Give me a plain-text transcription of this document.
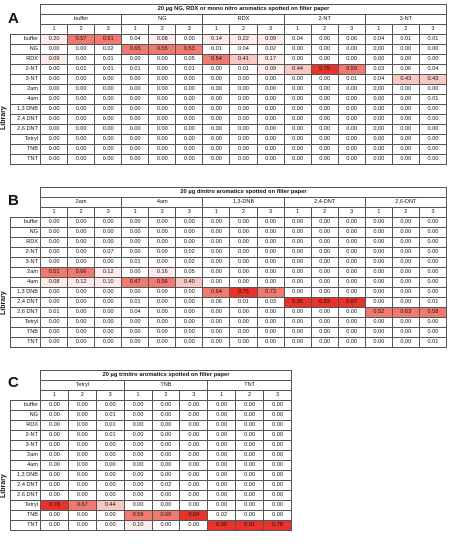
A
Library
	20 µg NG, RDX or mono nitro aromatics spotted on filter paper														
	buffer			NG			RDX			2-NT			3-NT		
	1	2	3	1	2	3	1	2	3	1	2	3	1	2	3
buffer	0.20	0.57	0.51	0.04	0.08	0.00	0.14	0.22	0.09	0.04	0.00	0.06	0.04	0.01	0.01
NG	0.00	0.00	0.02	0.65	0.55	0.53	0.01	0.04	0.02	0.00	0.00	0.00	0.00	0.00	0.00
RDX	0.09	0.00	0.01	0.00	0.00	0.05	0.54	0.41	0.17	0.00	0.00	0.00	0.00	0.00	0.00
2-NT	0.00	0.01	0.01	0.01	0.00	0.01	0.00	0.01	0.09	0.44	0.75	0.59	0.03	0.06	0.04
3-NT	0.00	0.00	0.00	0.00	0.00	0.00	0.00	0.00	0.00	0.00	0.00	0.01	0.04	0.43	0.43
2am	0.00	0.00	0.00	0.00	0.00	0.00	0.00	0.00	0.00	0.00	0.00	0.00	0.00	0.00	0.00
4am	0.00	0.00	0.00	0.00	0.00	0.00	0.00	0.00	0.00	0.00	0.00	0.00	0.00	0.00	0.01
1,3 DNB	0.00	0.00	0.00	0.00	0.00	0.00	0.00	0.00	0.00	0.00	0.00	0.00	0.00	0.00	0.00
2,4 DNT	0.00	0.00	0.00	0.00	0.00	0.00	0.00	0.00	0.00	0.00	0.00	0.00	0.00	0.00	0.00
2,6 DNT	0.00	0.00	0.00	0.00	0.00	0.00	0.00	0.00	0.00	0.00	0.00	0.00	0.00	0.00	0.00
Tetryl	0.00	0.00	0.00	0.00	0.00	0.00	0.00	0.00	0.00	0.00	0.00	0.00	0.00	0.00	0.00
TNB	0.00	0.00	0.00	0.00	0.00	0.00	0.00	0.00	0.00	0.00	0.00	0.00	0.00	0.00	0.00
TNT	0.00	0.00	0.00	0.00	0.00	0.00	0.00	0.00	0.00	0.00	0.00	0.00	0.00	0.00	0.00
B
Library
	20 µg dinitro aromatics spotted on filter paper														
	2am			4am			1,3-DNB			2,4-DNT			2,6-DNT		
	1	2	3	1	2	3	1	2	3	1	2	3	1	2	3
buffer	0.00	0.00	0.00	0.00	0.00	0.00	0.00	0.00	0.00	0.00	0.00	0.00	0.00	0.00	0.00
NG	0.00	0.00	0.00	0.00	0.00	0.00	0.00	0.00	0.00	0.00	0.00	0.00	0.00	0.00	0.00
RDX	0.00	0.00	0.00	0.00	0.00	0.00	0.00	0.00	0.00	0.00	0.00	0.00	0.00	0.00	0.00
2-NT	0.00	0.00	0.07	0.00	0.00	0.02	0.00	0.00	0.00	0.00	0.00	0.00	0.00	0.00	0.00
3-NT	0.00	0.00	0.00	0.01	0.00	0.02	0.00	0.00	0.00	0.00	0.00	0.00	0.00	0.00	0.00
2am	0.51	0.66	0.12	0.00	0.16	0.05	0.00	0.00	0.00	0.00	0.00	0.00	0.00	0.00	0.00
4am	0.08	0.12	0.10	0.47	0.56	0.40	0.00	0.00	0.00	0.00	0.00	0.00	0.00	0.00	0.00
1,3 DNB	0.00	0.00	0.00	0.00	0.00	0.00	0.64	0.75	0.73	0.00	0.00	0.00	0.00	0.00	0.00
2,4 DNT	0.00	0.00	0.00	0.01	0.00	0.00	0.06	0.01	0.03	0.95	0.83	0.87	0.00	0.00	0.01
2,6 DNT	0.01	0.00	0.00	0.04	0.00	0.00	0.00	0.00	0.00	0.00	0.00	0.00	0.52	0.63	0.58
Tetryl	0.00	0.00	0.00	0.00	0.00	0.00	0.00	0.00	0.00	0.00	0.00	0.00	0.00	0.00	0.00
TNB	0.00	0.00	0.00	0.00	0.00	0.00	0.00	0.00	0.00	0.00	0.00	0.00	0.00	0.00	0.00
TNT	0.00	0.00	0.00	0.00	0.00	0.00	0.00	0.00	0.00	0.00	0.00	0.00	0.00	0.00	0.01
C
Library
	20 µg trinitro aromatics spotted on filter paper								
	Tetryl			TNB			TNT		
	1	2	3	1	2	3	1	2	3
buffer	0.00	0.00	0.00	0.00	0.00	0.00	0.00	0.00	0.00
NG	0.00	0.00	0.01	0.00	0.00	0.00	0.00	0.00	0.00
RDX	0.00	0.00	0.01	0.00	0.00	0.00	0.00	0.00	0.00
2-NT	0.00	0.00	0.01	0.00	0.00	0.00	0.00	0.00	0.00
3-NT	0.00	0.00	0.00	0.00	0.00	0.00	0.00	0.00	0.00
2am	0.00	0.00	0.00	0.00	0.00	0.00	0.00	0.00	0.00
4am	0.00	0.00	0.00	0.00	0.00	0.00	0.00	0.00	0.00
1,3 DNB	0.00	0.00	0.00	0.00	0.00	0.00	0.00	0.00	0.00
2,4 DNT	0.00	0.00	0.00	0.00	0.02	0.00	0.00	0.00	0.00
2,6 DNT	0.00	0.00	0.00	0.00	0.00	0.00	0.00	0.00	0.00
Tetryl	0.78	0.67	0.44	0.00	0.00	0.00	0.00	0.00	0.00
TNB	0.00	0.00	0.00	0.59	0.66	0.84	0.02	0.00	0.00
TNT	0.00	0.00	0.00	0.10	0.00	0.00	0.96	0.91	0.78
